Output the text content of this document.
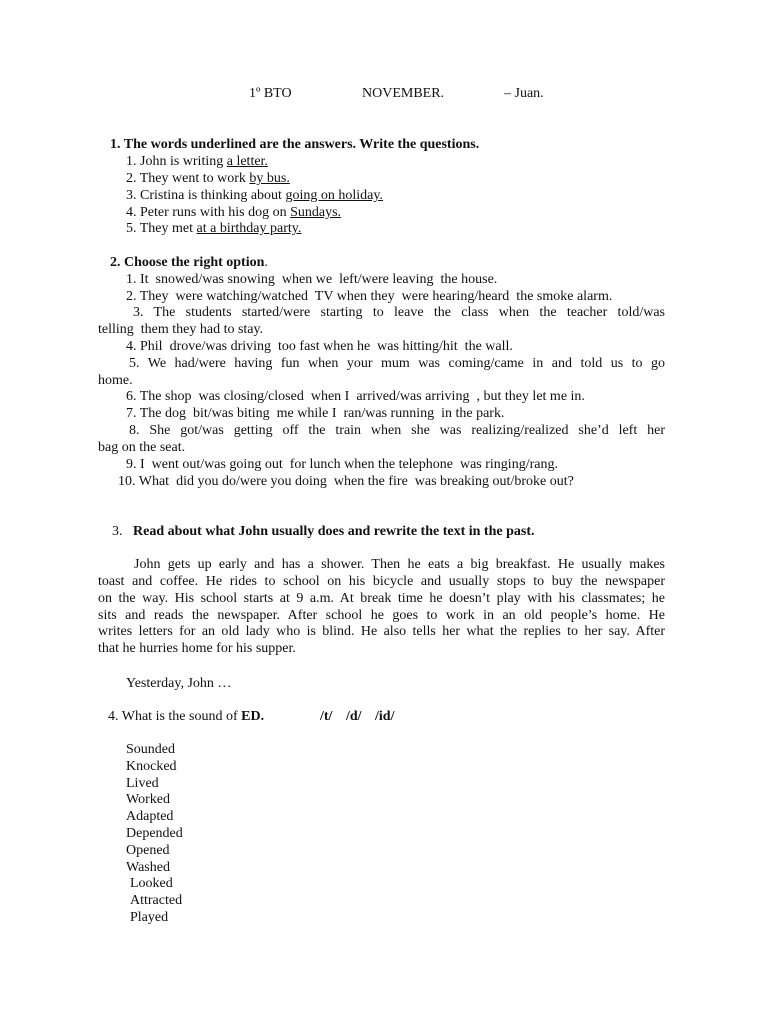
1º BTO	NOVEMBER.	– Juan.
1. The words underlined are the answers. Write the questions.
1. John is writing a letter.
2. They went to work by bus.
3. Cristina is thinking about going on holiday.
4. Peter runs with his dog on Sundays.
5. They met at a birthday party.
2. Choose the right option.
1. It  snowed/was snowing  when we  left/were leaving  the house.
2. They  were watching/watched  TV when they  were hearing/heard  the smoke alarm.
3. The students started/were starting to leave the class when the teacher told/was
telling  them they had to stay.
4. Phil  drove/was driving  too fast when he  was hitting/hit  the wall.
5. We had/were having fun when your mum was coming/came in and told us to go
home.
6. The shop  was closing/closed  when I  arrived/was arriving  , but they let me in.
7. The dog  bit/was biting  me while I  ran/was running  in the park.
8. She got/was getting off the train when she was realizing/realized she’d left her
bag on the seat.
9. I  went out/was going out  for lunch when the telephone  was ringing/rang.
10. What  did you do/were you doing  when the fire  was breaking out/broke out?
3. Read about what John usually does and rewrite the text in the past.
John gets up early and has a shower. Then he eats a big breakfast. He usually makes
toast and coffee. He rides to school on his bicycle and usually stops to buy the newspaper
on the way. His school starts at 9 a.m. At break time he doesn’t play with his classmates; he
sits and reads the newspaper. After school he goes to work in an old people’s home. He
writes letters for an old lady who is blind. He also tells her what the replies to her say. After
that he hurries home for his supper.
Yesterday, John …
4. What is the sound of ED.	/t/ /d/ /id/
Sounded
Knocked
Lived
Worked
Adapted
Depended
Opened
Washed
Looked
Attracted
Played
